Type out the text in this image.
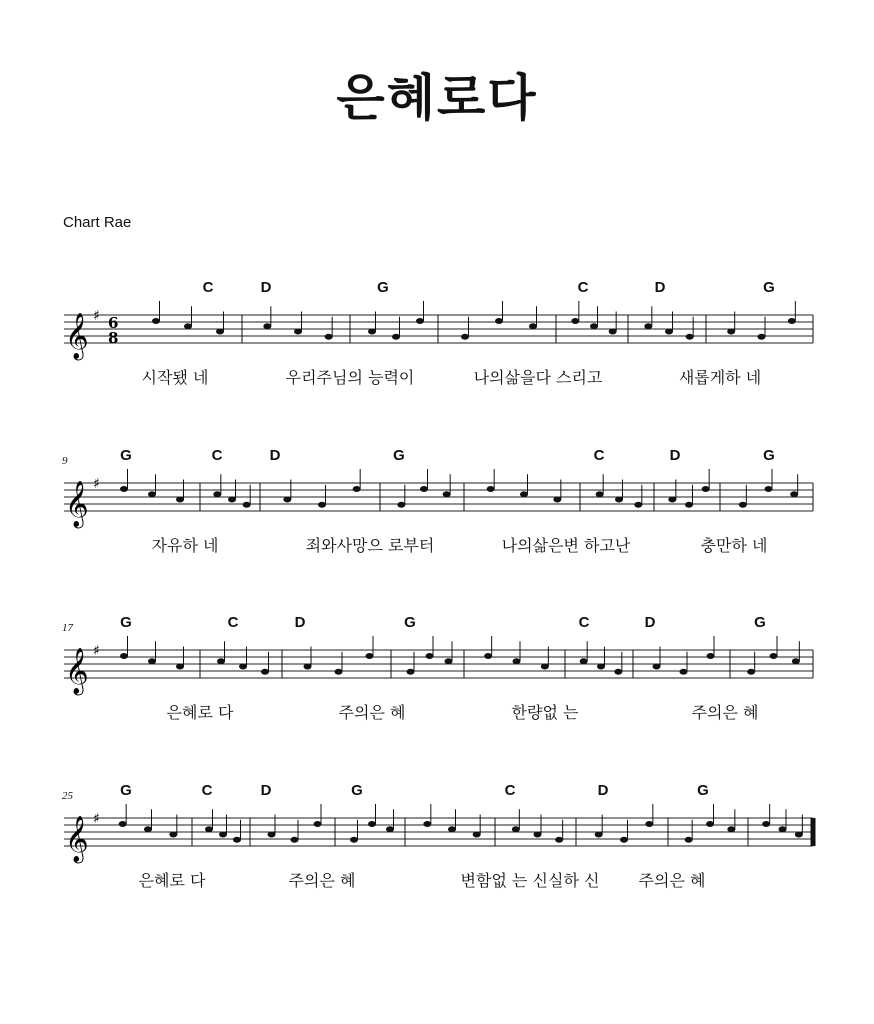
은혜로다
Chart Rae
C	D	G	C	D	G
𝄞 ♯ 6
8
시작됐 네	우리주님의 능력이	나의삶을다 스리고	새롭게하 네
9	G	C	D	G	C	D	G
𝄞 ♯
자유하 네	죄와사망으 로부터	나의삶은변 하고난	충만하 네
17	G	C	D	G	C	D	G
𝄞 ♯
은혜로 다	주의은 혜	한량없 는	주의은 혜
25	G	C	D	G	C	D	G
𝄞 ♯
은혜로 다	주의은 혜	변함없 는 신실하 신 주의은 혜
